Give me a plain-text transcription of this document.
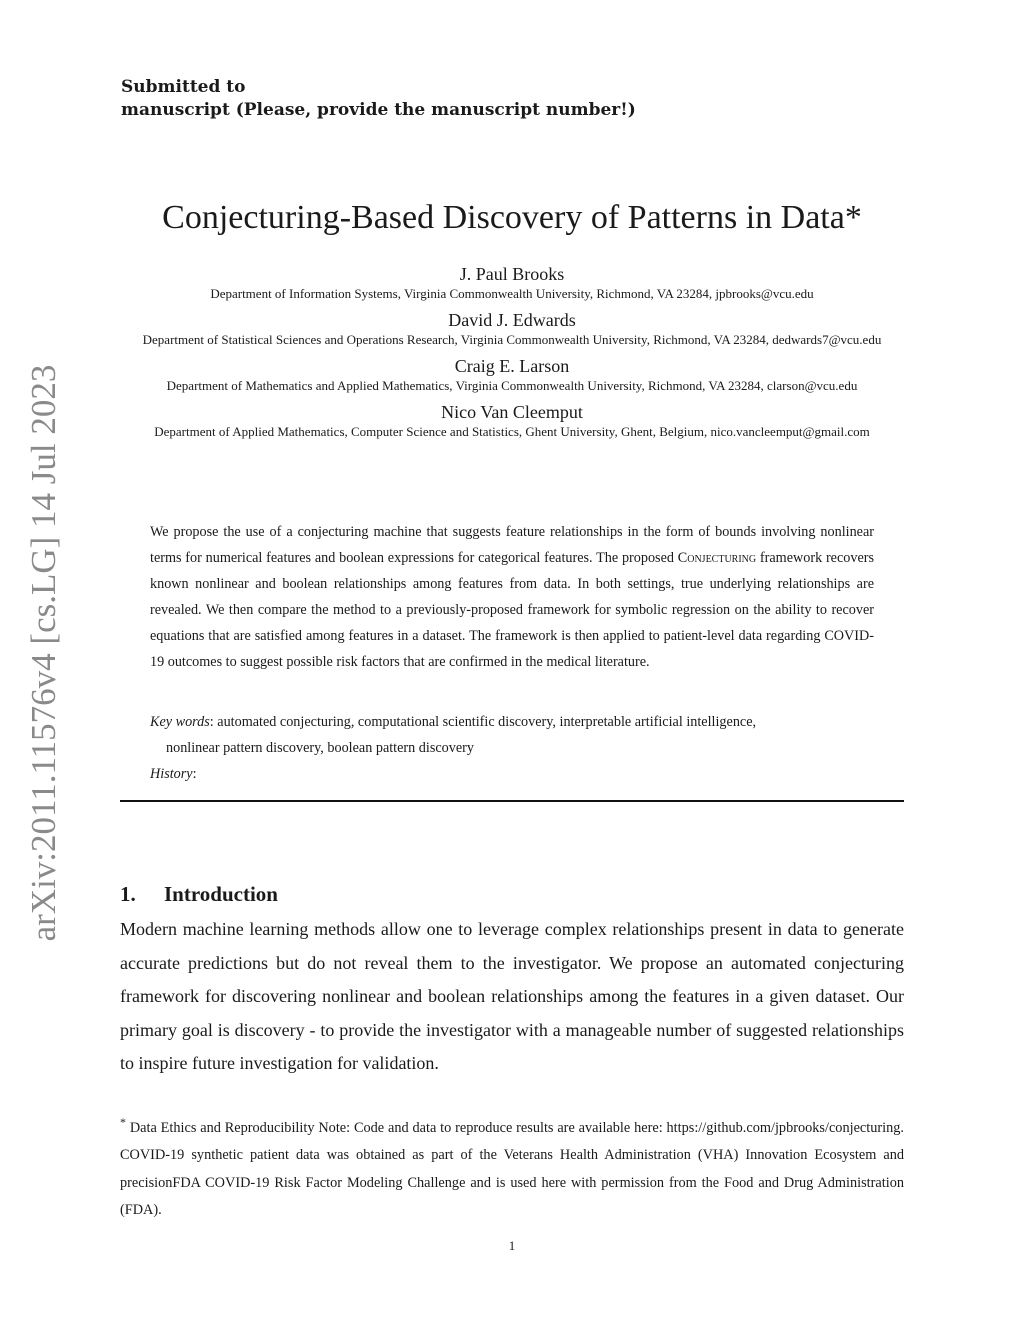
Submitted to
manuscript (Please, provide the manuscript number!)
Conjecturing-Based Discovery of Patterns in Data*
J. Paul Brooks
Department of Information Systems, Virginia Commonwealth University, Richmond, VA 23284, jpbrooks@vcu.edu
David J. Edwards
Department of Statistical Sciences and Operations Research, Virginia Commonwealth University, Richmond, VA 23284, dedwards7@vcu.edu
Craig E. Larson
Department of Mathematics and Applied Mathematics, Virginia Commonwealth University, Richmond, VA 23284, clarson@vcu.edu
Nico Van Cleemput
Department of Applied Mathematics, Computer Science and Statistics, Ghent University, Ghent, Belgium, nico.vancleemput@gmail.com
We propose the use of a conjecturing machine that suggests feature relationships in the form of bounds involving nonlinear terms for numerical features and boolean expressions for categorical features. The proposed Conjecturing framework recovers known nonlinear and boolean relationships among features from data. In both settings, true underlying relationships are revealed. We then compare the method to a previously-proposed framework for symbolic regression on the ability to recover equations that are satisfied among features in a dataset. The framework is then applied to patient-level data regarding COVID-19 outcomes to suggest possible risk factors that are confirmed in the medical literature.
Key words: automated conjecturing, computational scientific discovery, interpretable artificial intelligence,
nonlinear pattern discovery, boolean pattern discovery
History:
1. Introduction
Modern machine learning methods allow one to leverage complex relationships present in data to generate accurate predictions but do not reveal them to the investigator. We propose an automated conjecturing framework for discovering nonlinear and boolean relationships among the features in a given dataset. Our primary goal is discovery - to provide the investigator with a manageable number of suggested relationships to inspire future investigation for validation.
* Data Ethics and Reproducibility Note: Code and data to reproduce results are available here: https://github.com/jpbrooks/conjecturing. COVID-19 synthetic patient data was obtained as part of the Veterans Health Administration (VHA) Innovation Ecosystem and precisionFDA COVID-19 Risk Factor Modeling Challenge and is used here with permission from the Food and Drug Administration (FDA).
1
arXiv:2011.11576v4 [cs.LG] 14 Jul 2023
